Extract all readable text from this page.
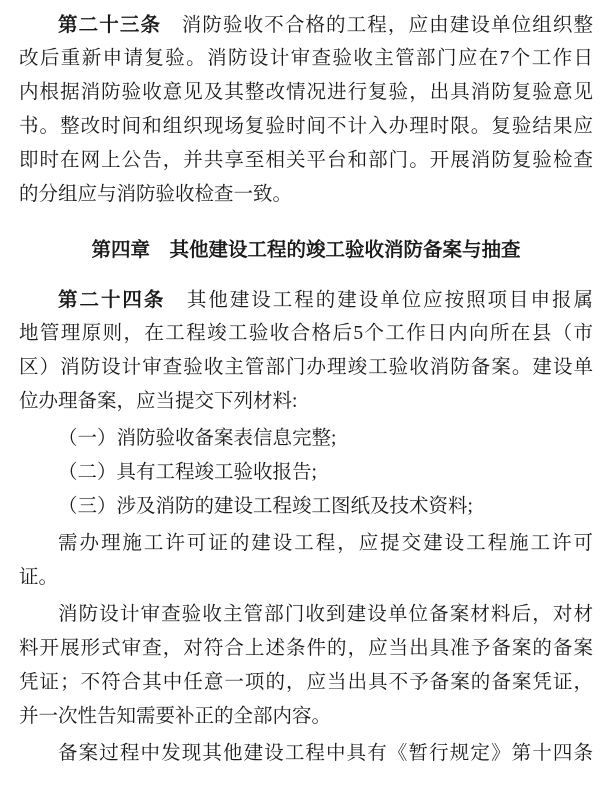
第二十三条　消防验收不合格的工程，应由建设单位组织整
改后重新申请复验。消防设计审查验收主管部门应在7个工作日
内根据消防验收意见及其整改情况进行复验，出具消防复验意见
书。整改时间和组织现场复验时间不计入办理时限。复验结果应
即时在网上公告，并共享至相关平台和部门。开展消防复验检查
的分组应与消防验收检查一致。
第四章　其他建设工程的竣工验收消防备案与抽查
第二十四条　其他建设工程的建设单位应按照项目申报属
地管理原则，在工程竣工验收合格后5个工作日内向所在县（市
区）消防设计审查验收主管部门办理竣工验收消防备案。建设单
位办理备案，应当提交下列材料:
（一）消防验收备案表信息完整;
（二）具有工程竣工验收报告;
（三）涉及消防的建设工程竣工图纸及技术资料;
需办理施工许可证的建设工程，应提交建设工程施工许可
证。
消防设计审查验收主管部门收到建设单位备案材料后，对材
料开展形式审查，对符合上述条件的，应当出具准予备案的备案
凭证；不符合其中任意一项的，应当出具不予备案的备案凭证，
并一次性告知需要补正的全部内容。
备案过程中发现其他建设工程中具有《暂行规定》第十四条
